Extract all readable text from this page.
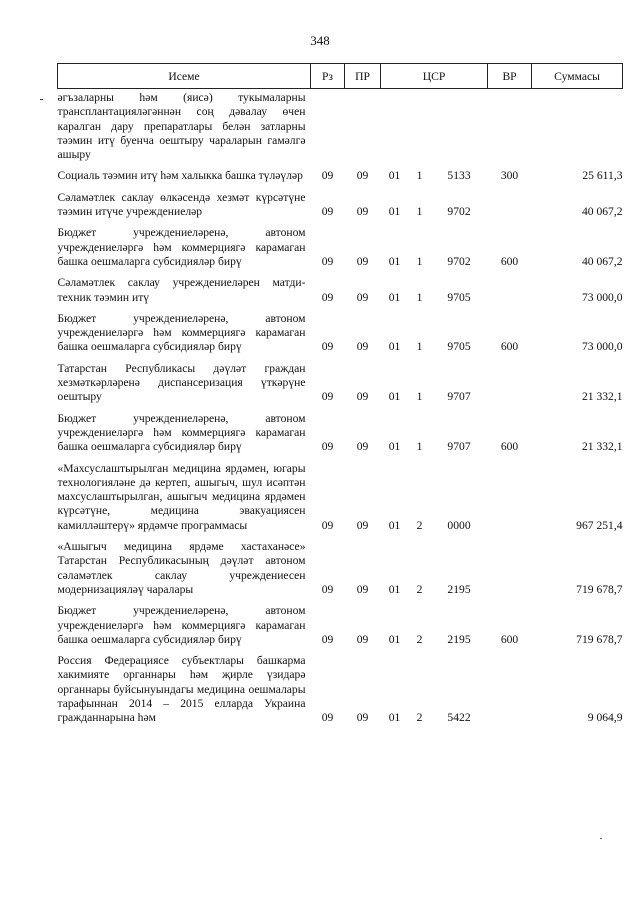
348
Исеме	Рз	ПР	ЦСР			ВР	Суммасы
әгъзаларны һәм (яисә) тукымаларны трансплантацияләгәннән соң дәвалау өчен каралган дару препаратлары белән затларны тәэмин итү буенча оештыру чараларын гамәлгә ашыру							
Социаль тәэмин итү һәм халыкка башка түләүләр	09	09	01	1	5133	300	25 611,3
Сәламәтлек саклау өлкәсендә хезмәт күрсәтүне тәэмин итүче учреждениеләр	09	09	01	1	9702		40 067,2
Бюджет учреждениеләренә, автоном учреждениеләргә һәм коммерциягә карамаган башка оешмаларга субсидияләр бирү	09	09	01	1	9702	600	40 067,2
Сәламәтлек саклау учреждениеләрен матди-техник тәэмин итү	09	09	01	1	9705		73 000,0
Бюджет учреждениеләренә, автоном учреждениеләргә һәм коммерциягә карамаган башка оешмаларга субсидияләр бирү	09	09	01	1	9705	600	73 000,0
Татарстан Республикасы дәүләт граждан хезмәткәрләренә диспансеризация үткәрүне оештыру	09	09	01	1	9707		21 332,1
Бюджет учреждениеләренә, автоном учреждениеләргә һәм коммерциягә карамаган башка оешмаларга субсидияләр бирү	09	09	01	1	9707	600	21 332,1
«Махсуслаштырылган медицина ярдәмен, югары технологияләне дә кертеп, ашыгыч, шул исәптән махсуслаштырылган, ашыгыч медицина ярдәмен күрсәтүне, медицина эвакуациясен камилләштерү» ярдәмче программасы	09	09	01	2	0000		967 251,4
«Ашыгыч медицина ярдәме хастаханәсе» Татарстан Республикасының дәүләт автоном сәламәтлек саклау учреждениесен модернизацияләү чаралары	09	09	01	2	2195		719 678,7
Бюджет учреждениеләренә, автоном учреждениеләргә һәм коммерциягә карамаган башка оешмаларга субсидияләр бирү	09	09	01	2	2195	600	719 678,7
Россия Федерациясе субъектлары башкарма хакимияте органнары һәм җирле үзидарә органнары буйсынуындагы медицина оешмалары тарафыннан 2014 – 2015 елларда Украина гражданнарына һәм	09	09	01	2	5422		9 064,9
